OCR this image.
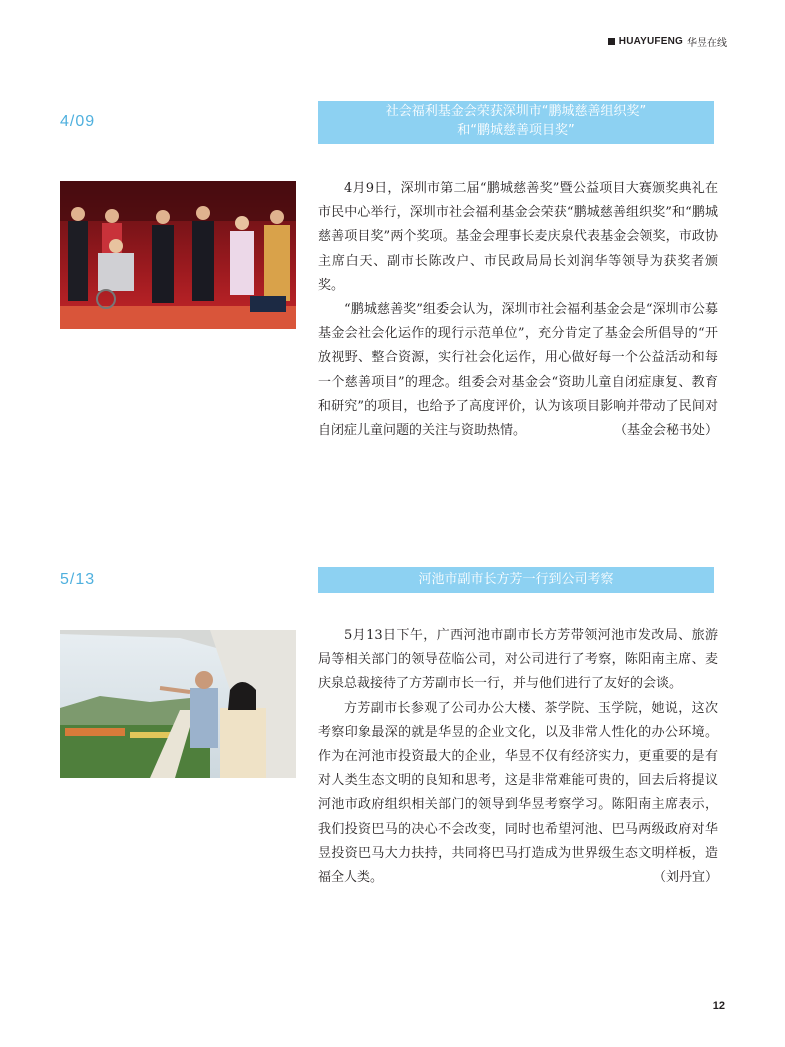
HUAYUFENG 华昱在线
4/09
社会福利基金会荣获深圳市“鹏城慈善组织奖”
和“鹏城慈善项目奖”

4月9日，深圳市第二届“鹏城慈善奖”暨公益项目大赛颁奖典礼在市民中心举行，深圳市社会福利基金会荣获“鹏城慈善组织奖”和“鹏城慈善项目奖”两个奖项。基金会理事长麦庆泉代表基金会领奖，市政协主席白天、副市长陈改户、市民政局局长刘润华等领导为获奖者颁奖。

“鹏城慈善奖”组委会认为，深圳市社会福利基金会是“深圳市公募基金会社会化运作的现行示范单位”，充分肯定了基金会所倡导的“开放视野、整合资源，实行社会化运作，用心做好每一个公益活动和每一个慈善项目”的理念。组委会对基金会“资助儿童自闭症康复、教育和研究”的项目，也给予了高度评价，认为该项目影响并带动了民间对自闭症儿童问题的关注与资助热情。	（基金会秘书处）

5/13	河池市副市长方芳一行到公司考察

5月13日下午，广西河池市副市长方芳带领河池市发改局、旅游局等相关部门的领导莅临公司，对公司进行了考察，陈阳南主席、麦庆泉总裁接待了方芳副市长一行，并与他们进行了友好的会谈。

方芳副市长参观了公司办公大楼、茶学院、玉学院，她说，这次考察印象最深的就是华昱的企业文化，以及非常人性化的办公环境。作为在河池市投资最大的企业，华昱不仅有经济实力，更重要的是有对人类生态文明的良知和思考，这是非常难能可贵的，回去后将提议河池市政府组织相关部门的领导到华昱考察学习。陈阳南主席表示，我们投资巴马的决心不会改变，同时也希望河池、巴马两级政府对华昱投资巴马大力扶持，共同将巴马打造成为世界级生态文明样板，造福全人类。	（刘丹宜）

12
